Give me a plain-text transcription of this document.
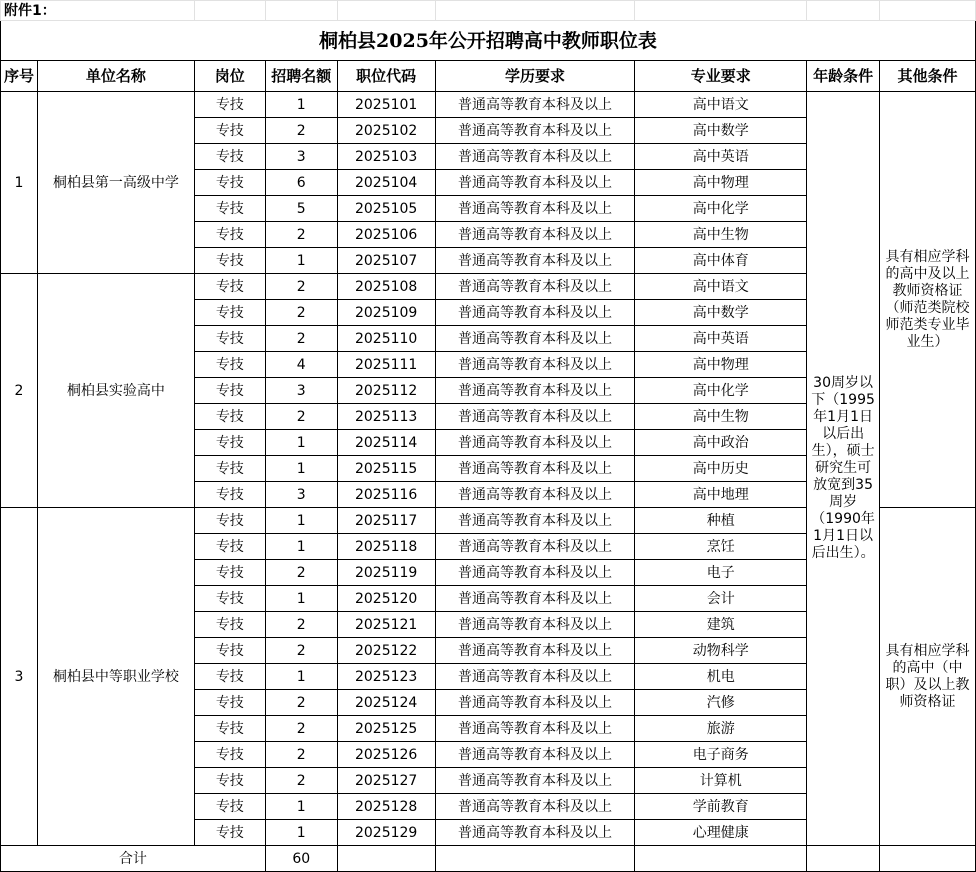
附件1：								
桐柏县2025年公开招聘高中教师职位表								
序号	单位名称	岗位	招聘名额	职位代码	学历要求	专业要求	年龄条件	其他条件
1	桐柏县第一高级中学	专技	1	2025101	普通高等教育本科及以上	高中语文	30周岁以下（1995年1月1日以后出生），硕士研究生可放宽到35周岁（1990年1月1日以后出生）。	具有相应学科的高中及以上教师资格证（师范类院校师范类专业毕业生）
		专技	2	2025102	普通高等教育本科及以上	高中数学		
		专技	3	2025103	普通高等教育本科及以上	高中英语		
		专技	6	2025104	普通高等教育本科及以上	高中物理		
		专技	5	2025105	普通高等教育本科及以上	高中化学		
		专技	2	2025106	普通高等教育本科及以上	高中生物		
		专技	1	2025107	普通高等教育本科及以上	高中体育		
2	桐柏县实验高中	专技	2	2025108	普通高等教育本科及以上	高中语文		
		专技	2	2025109	普通高等教育本科及以上	高中数学		
		专技	2	2025110	普通高等教育本科及以上	高中英语		
		专技	4	2025111	普通高等教育本科及以上	高中物理		
		专技	3	2025112	普通高等教育本科及以上	高中化学		
		专技	2	2025113	普通高等教育本科及以上	高中生物		
		专技	1	2025114	普通高等教育本科及以上	高中政治		
		专技	1	2025115	普通高等教育本科及以上	高中历史		
		专技	3	2025116	普通高等教育本科及以上	高中地理		
3	桐柏县中等职业学校	专技	1	2025117	普通高等教育本科及以上	种植		具有相应学科的高中（中职）及以上教师资格证
		专技	1	2025118	普通高等教育本科及以上	烹饪		
		专技	2	2025119	普通高等教育本科及以上	电子		
		专技	1	2025120	普通高等教育本科及以上	会计		
		专技	2	2025121	普通高等教育本科及以上	建筑		
		专技	2	2025122	普通高等教育本科及以上	动物科学		
		专技	1	2025123	普通高等教育本科及以上	机电		
		专技	2	2025124	普通高等教育本科及以上	汽修		
		专技	2	2025125	普通高等教育本科及以上	旅游		
		专技	2	2025126	普通高等教育本科及以上	电子商务		
		专技	2	2025127	普通高等教育本科及以上	计算机		
		专技	1	2025128	普通高等教育本科及以上	学前教育		
		专技	1	2025129	普通高等教育本科及以上	心理健康		
合计			60					
